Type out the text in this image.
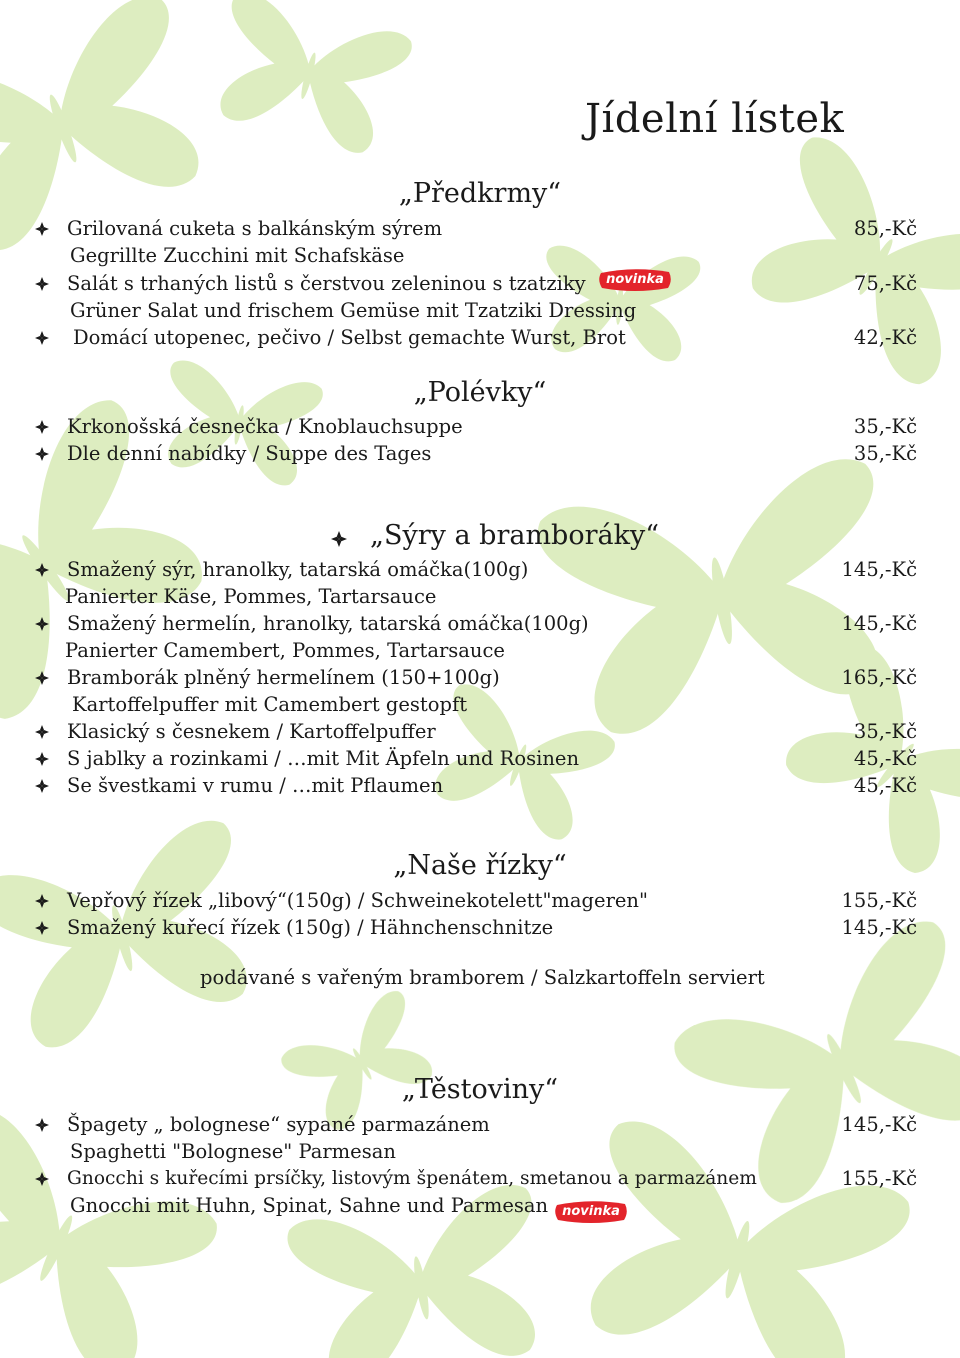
Jídelní lístek
„Předkrmy“
Grilovaná cuketa s balkánským sýrem	85,-Kč
Gegrillte Zucchini mit Schafskäse
Salát s trhaných listů s čerstvou zeleninou s tzatziky	75,-Kč
novinka
Grüner Salat und frischem Gemüse mit Tzatziki Dressing
Domácí utopenec, pečivo / Selbst gemachte Wurst, Brot	42,-Kč
„Polévky“
Krkonošská česnečka / Knoblauchsuppe	35,-Kč
Dle denní nabídky / Suppe des Tages	35,-Kč
„Sýry a bramboráky“
Smažený sýr, hranolky, tatarská omáčka(100g)	145,-Kč
Panierter Käse, Pommes, Tartarsauce
Smažený hermelín, hranolky, tatarská omáčka(100g)	145,-Kč
Panierter Camembert, Pommes, Tartarsauce
Bramborák plněný hermelínem (150+100g)	165,-Kč
Kartoffelpuffer mit Camembert gestopft
Klasický s česnekem / Kartoffelpuffer	35,-Kč
S jablky a rozinkami / …mit Mit Äpfeln und Rosinen	45,-Kč
Se švestkami v rumu / …mit Pflaumen	45,-Kč
„Naše řízky“
Vepřový řízek „libový“(150g) / Schweinekotelett"mageren"	155,-Kč
Smažený kuřecí řízek (150g) / Hähnchenschnitze	145,-Kč
podávané s vařeným bramborem / Salzkartoffeln serviert
„Těstoviny“
Špagety „ bolognese“ sypané parmazánem	145,-Kč
Spaghetti "Bolognese" Parmesan
Gnocchi s kuřecími prsíčky, listovým špenátem, smetanou a parmazánem	155,-Kč
Gnocchi mit Huhn, Spinat, Sahne und Parmesan	novinka
